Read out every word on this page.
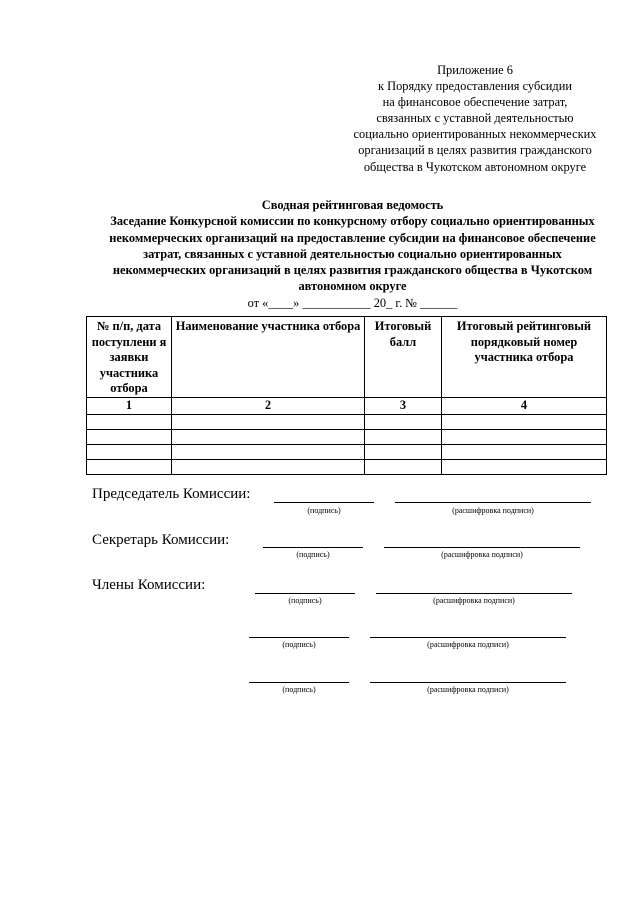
Приложение 6
к Порядку предоставления субсидии
на финансовое обеспечение затрат,
связанных с уставной деятельностью
социально ориентированных некоммерческих
организаций в целях развития гражданского
общества в Чукотском автономном округе
Сводная рейтинговая ведомость
Заседание Конкурсной комиссии по конкурсному отбору социально ориентированных
некоммерческих организаций на предоставление субсидии на финансовое обеспечение
затрат, связанных с уставной деятельностью социально ориентированных
некоммерческих организаций в целях развития гражданского общества в Чукотском
автономном округе
от «____» ___________ 20_ г. № ______
№ п/п, дата поступлени я заявки участника отбора	Наименование участника отбора	Итоговый балл	Итоговый рейтинговый порядковый номер участника отбора
1	2	3	4

Председатель Комиссии:
(подпись)	(расшифровка подписи)
Секретарь Комиссии:
(подпись)	(расшифровка подписи)
Члены Комиссии:
(подпись)	(расшифровка подписи)
(подпись)	(расшифровка подписи)
(подпись)	(расшифровка подписи)
